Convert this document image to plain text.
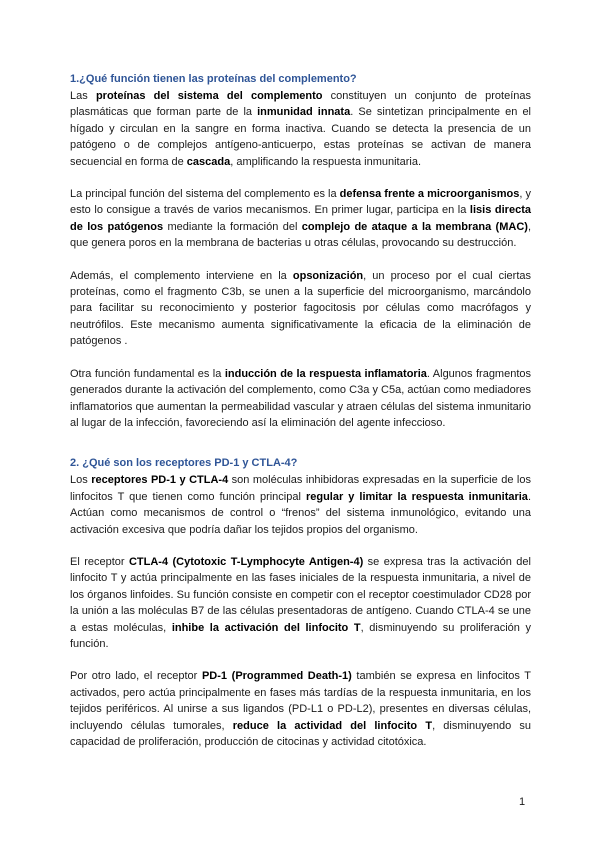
1.¿Qué función tienen las proteínas del complemento?

Las proteínas del sistema del complemento constituyen un conjunto de proteínas plasmáticas que forman parte de la inmunidad innata. Se sintetizan principalmente en el hígado y circulan en la sangre en forma inactiva. Cuando se detecta la presencia de un patógeno o de complejos antígeno-anticuerpo, estas proteínas se activan de manera secuencial en forma de cascada, amplificando la respuesta inmunitaria.

La principal función del sistema del complemento es la defensa frente a microorganismos, y esto lo consigue a través de varios mecanismos. En primer lugar, participa en la lisis directa de los patógenos mediante la formación del complejo de ataque a la membrana (MAC), que genera poros en la membrana de bacterias u otras células, provocando su destrucción.

Además, el complemento interviene en la opsonización, un proceso por el cual ciertas proteínas, como el fragmento C3b, se unen a la superficie del microorganismo, marcándolo para facilitar su reconocimiento y posterior fagocitosis por células como macrófagos y neutrófilos. Este mecanismo aumenta significativamente la eficacia de la eliminación de patógenos .

Otra función fundamental es la inducción de la respuesta inflamatoria. Algunos fragmentos generados durante la activación del complemento, como C3a y C5a, actúan como mediadores inflamatorios que aumentan la permeabilidad vascular y atraen células del sistema inmunitario al lugar de la infección, favoreciendo así la eliminación del agente infeccioso.

2. ¿Qué son los receptores PD-1 y CTLA-4?

Los receptores PD-1 y CTLA-4 son moléculas inhibidoras expresadas en la superficie de los linfocitos T que tienen como función principal regular y limitar la respuesta inmunitaria. Actúan como mecanismos de control o “frenos” del sistema inmunológico, evitando una activación excesiva que podría dañar los tejidos propios del organismo.

El receptor CTLA-4 (Cytotoxic T-Lymphocyte Antigen-4) se expresa tras la activación del linfocito T y actúa principalmente en las fases iniciales de la respuesta inmunitaria, a nivel de los órganos linfoides. Su función consiste en competir con el receptor coestimulador CD28 por la unión a las moléculas B7 de las células presentadoras de antígeno. Cuando CTLA-4 se une a estas moléculas, inhibe la activación del linfocito T, disminuyendo su proliferación y función.

Por otro lado, el receptor PD-1 (Programmed Death-1) también se expresa en linfocitos T activados, pero actúa principalmente en fases más tardías de la respuesta inmunitaria, en los tejidos periféricos. Al unirse a sus ligandos (PD-L1 o PD-L2), presentes en diversas células, incluyendo células tumorales, reduce la actividad del linfocito T, disminuyendo su capacidad de proliferación, producción de citocinas y actividad citotóxica.

1
